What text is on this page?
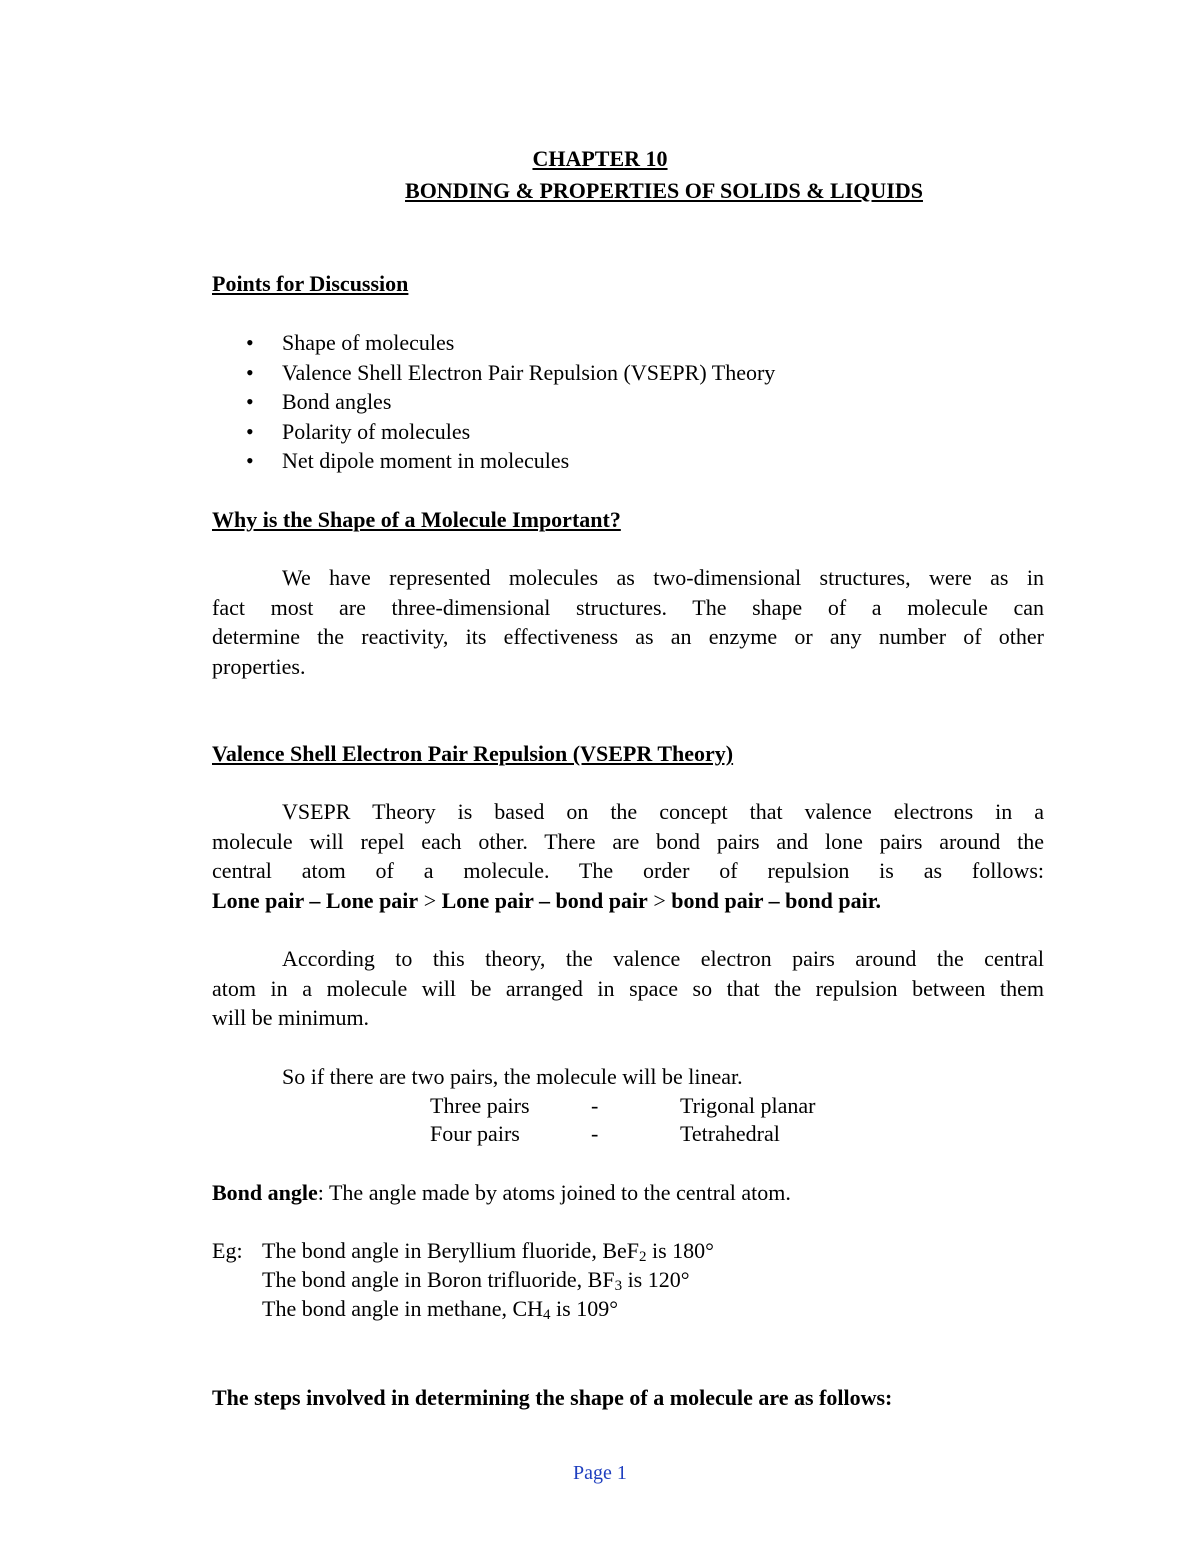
CHAPTER 10
BONDING & PROPERTIES OF SOLIDS & LIQUIDS
Points for Discussion
• Shape of molecules
• Valence Shell Electron Pair Repulsion (VSEPR) Theory
• Bond angles
• Polarity of molecules
• Net dipole moment in molecules
Why is the Shape of a Molecule Important?
We have represented molecules as two-dimensional structures, were as in
fact most are three-dimensional structures. The shape of a molecule can
determine the reactivity, its effectiveness as an enzyme or any number of other
properties.
Valence Shell Electron Pair Repulsion (VSEPR Theory)
VSEPR Theory is based on the concept that valence electrons in a
molecule will repel each other. There are bond pairs and lone pairs around the
central atom of a molecule. The order of repulsion is as follows:
Lone pair – Lone pair > Lone pair – bond pair > bond pair – bond pair.
According to this theory, the valence electron pairs around the central
atom in a molecule will be arranged in space so that the repulsion between them
will be minimum.
So if there are two pairs, the molecule will be linear.
Three pairs	-	Trigonal planar
Four pairs	-	Tetrahedral
Bond angle: The angle made by atoms joined to the central atom.
Eg: The bond angle in Beryllium fluoride, BeF$_2$ is 180°
The bond angle in Boron trifluoride, $BF_3$ is 120°
The bond angle in methane, $CH_4$ is 109°
The steps involved in determining the shape of a molecule are as follows:
Page 1
